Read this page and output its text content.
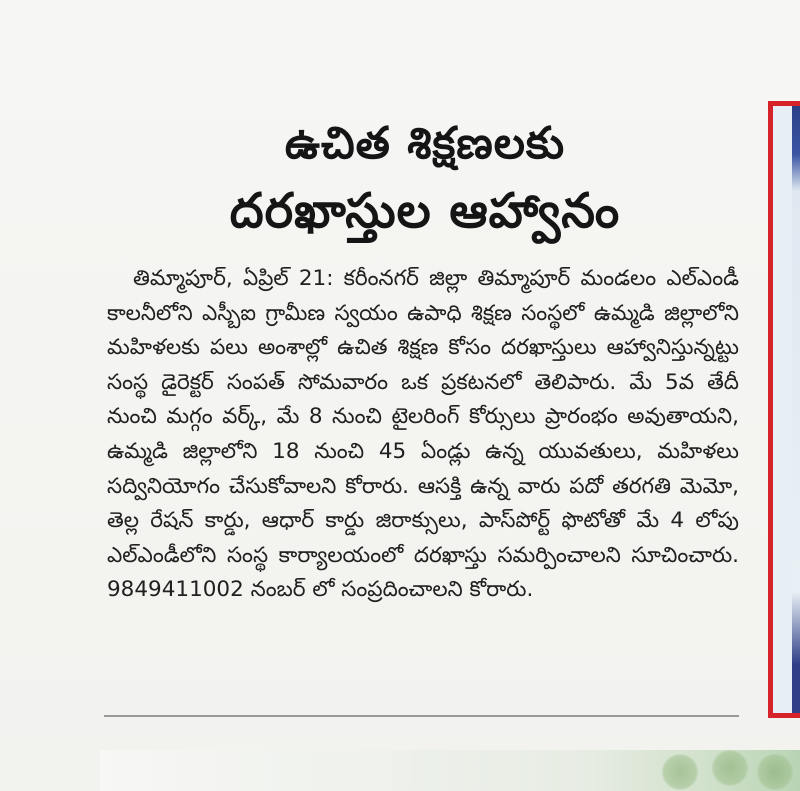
ఉచిత శిక్షణలకు
దరఖాస్తుల ఆహ్వానం

తిమ్మాపూర్, ఏప్రిల్ 21: కరీంనగర్ జిల్లా తిమ్మాపూర్ మండలం ఎల్ఎండీ కాలనీలోని ఎస్బీఐ గ్రామీణ స్వయం ఉపాధి శిక్షణ సంస్థలో ఉమ్మడి జిల్లాలోని మహిళలకు పలు అంశాల్లో ఉచిత శిక్షణ కోసం దరఖాస్తులు ఆహ్వానిస్తున్నట్టు సంస్థ డైరెక్టర్ సంపత్ సోమవారం ఒక ప్రకటనలో తెలిపారు. మే 5వ తేదీ నుంచి మగ్గం వర్క్, మే 8 నుంచి టైలరింగ్ కోర్సులు ప్రారంభం అవుతాయని, ఉమ్మడి జిల్లాలోని 18 నుంచి 45 ఏండ్లు ఉన్న యువతులు, మహిళలు సద్వినియోగం చేసుకోవాలని కోరారు. ఆసక్తి ఉన్న వారు పదో తరగతి మెమో, తెల్ల రేషన్ కార్డు, ఆధార్ కార్డు జిరాక్సులు, పాస్‌పోర్ట్ ఫొటోతో మే 4 లోపు ఎల్ఎండీలోని సంస్థ కార్యాలయంలో దరఖాస్తు సమర్పించాలని సూచించారు. 9849411002 నంబర్ లో సంప్రదించాలని కోరారు.
